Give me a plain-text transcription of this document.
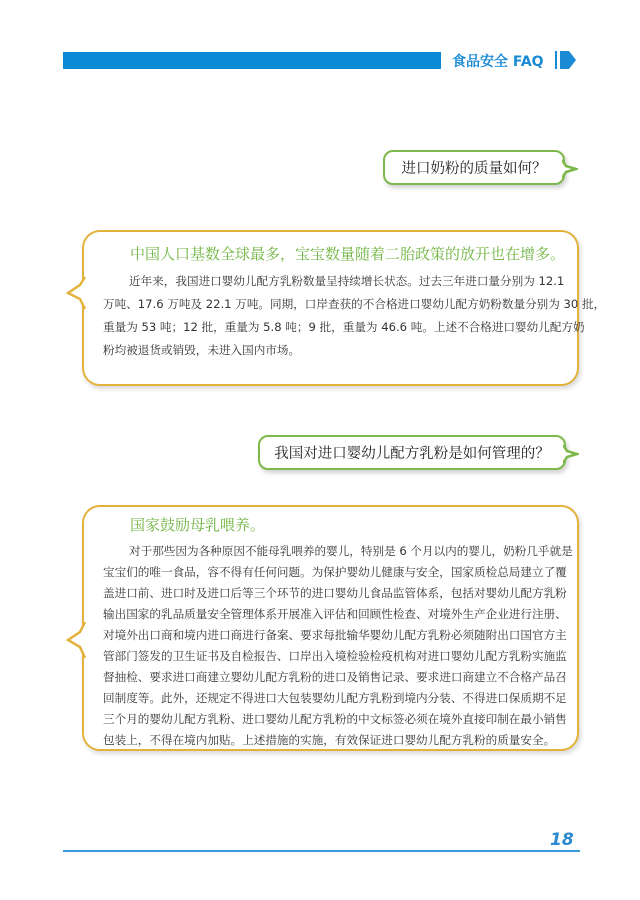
食品安全 FAQ
进口奶粉的质量如何？
中国人口基数全球最多，宝宝数量随着二胎政策的放开也在增多。
近年来，我国进口婴幼儿配方乳粉数量呈持续增长状态。过去三年进口量分别为 12.1
万吨、17.6 万吨及 22.1 万吨。同期，口岸查获的不合格进口婴幼儿配方奶粉数量分别为 30 批，
重量为 53 吨；12 批，重量为 5.8 吨；9 批，重量为 46.6 吨。上述不合格进口婴幼儿配方奶
粉均被退货或销毁，未进入国内市场。
我国对进口婴幼儿配方乳粉是如何管理的？
国家鼓励母乳喂养。
对于那些因为各种原因不能母乳喂养的婴儿，特别是 6 个月以内的婴儿，奶粉几乎就是
宝宝们的唯一食品，容不得有任何问题。为保护婴幼儿健康与安全，国家质检总局建立了覆
盖进口前、进口时及进口后等三个环节的进口婴幼儿食品监管体系，包括对婴幼儿配方乳粉
输出国家的乳品质量安全管理体系开展准入评估和回顾性检查、对境外生产企业进行注册、
对境外出口商和境内进口商进行备案、要求每批输华婴幼儿配方乳粉必须随附出口国官方主
管部门签发的卫生证书及自检报告、口岸出入境检验检疫机构对进口婴幼儿配方乳粉实施监
督抽检、要求进口商建立婴幼儿配方乳粉的进口及销售记录、要求进口商建立不合格产品召
回制度等。此外，还规定不得进口大包装婴幼儿配方乳粉到境内分装、不得进口保质期不足
三个月的婴幼儿配方乳粉、进口婴幼儿配方乳粉的中文标签必须在境外直接印制在最小销售
包装上，不得在境内加贴。上述措施的实施，有效保证进口婴幼儿配方乳粉的质量安全。
18
